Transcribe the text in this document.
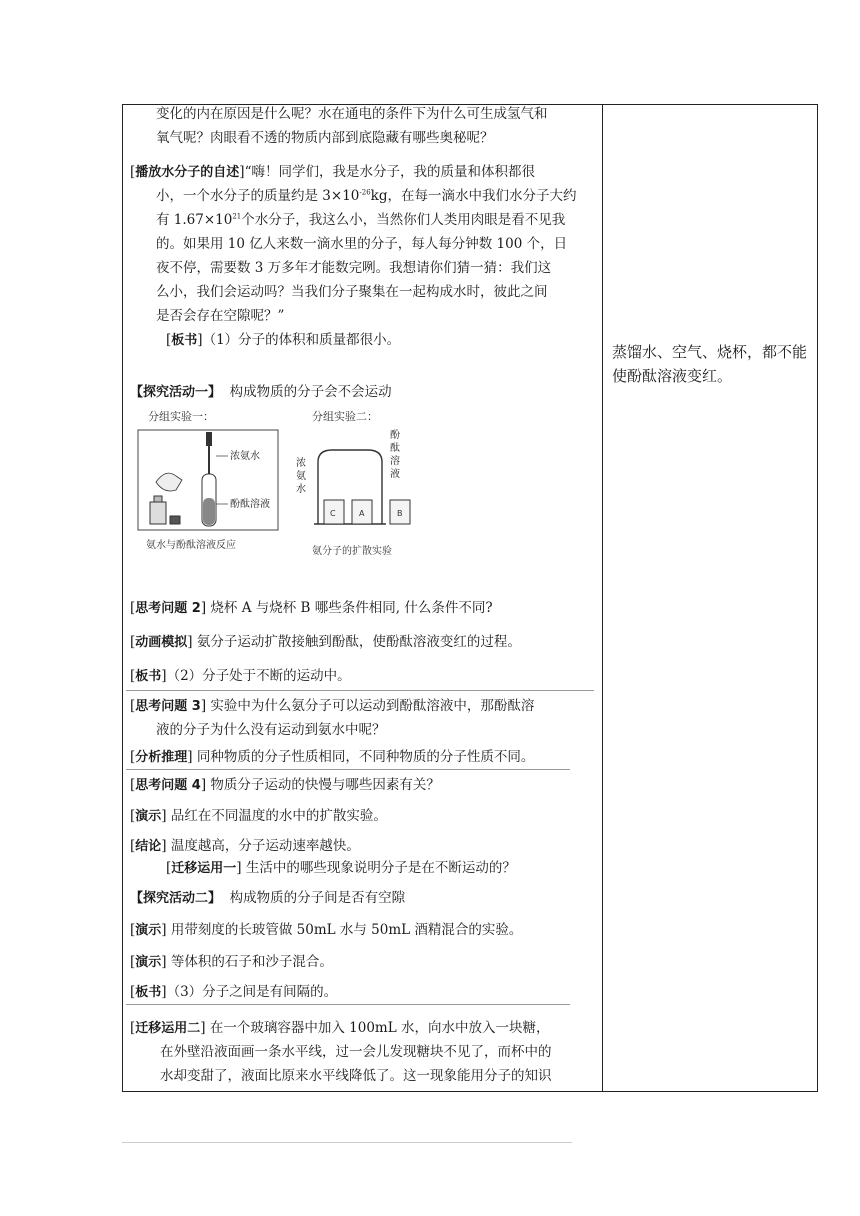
变化的内在原因是什么呢？水在通电的条件下为什么可生成氢气和
氧气呢？肉眼看不透的物质内部到底隐藏有哪些奥秘呢？
[播放水分子的自述]“嗨！同学们，我是水分子，我的质量和体积都很
小，一个水分子的质量约是 $3\times 10^{-26}kg$，在每一滴水中我们水分子大约
有 $1.67\times 10^{21}$个水分子，我这么小，当然你们人类用肉眼是看不见我
的。如果用 10 亿人来数一滴水里的分子，每人每分钟数 100 个，日
夜不停，需要数 3 万多年才能数完咧。我想请你们猜一猜：我们这
么小，我们会运动吗？当我们分子聚集在一起构成水时，彼此之间
是否会存在空隙呢？”
[板书]（1）分子的体积和质量都很小。
【探究活动一】 构成物质的分子会不会运动
分组实验一：
浓氨水
酚酞溶液
氨水与酚酞溶液反应
分组实验二：
酚
酞
溶
液
浓
氨
水
C	A	B
氨分子的扩散实验
[思考问题 2] 烧杯 A 与烧杯 B 哪些条件相同, 什么条件不同?
[动画模拟] 氨分子运动扩散接触到酚酞，使酚酞溶液变红的过程。
[板书]（2）分子处于不断的运动中。
[思考问题 3] 实验中为什么氨分子可以运动到酚酞溶液中，那酚酞溶
液的分子为什么没有运动到氨水中呢？
[分析推理] 同种物质的分子性质相同，不同种物质的分子性质不同。
[思考问题 4] 物质分子运动的快慢与哪些因素有关？
[演示] 品红在不同温度的水中的扩散实验。
[结论] 温度越高，分子运动速率越快。
[迁移运用一] 生活中的哪些现象说明分子是在不断运动的？
【探究活动二】 构成物质的分子间是否有空隙
[演示] 用带刻度的长玻管做 50mL 水与 50mL 酒精混合的实验。
[演示] 等体积的石子和沙子混合。
[板书]（3）分子之间是有间隔的。
[迁移运用二] 在一个玻璃容器中加入 100mL 水，向水中放入一块糖，
在外壁沿液面画一条水平线，过一会儿发现糖块不见了，而杯中的
水却变甜了，液面比原来水平线降低了。这一现象能用分子的知识
蒸馏水、空气、烧杯，都不能使酚酞溶液变红。
